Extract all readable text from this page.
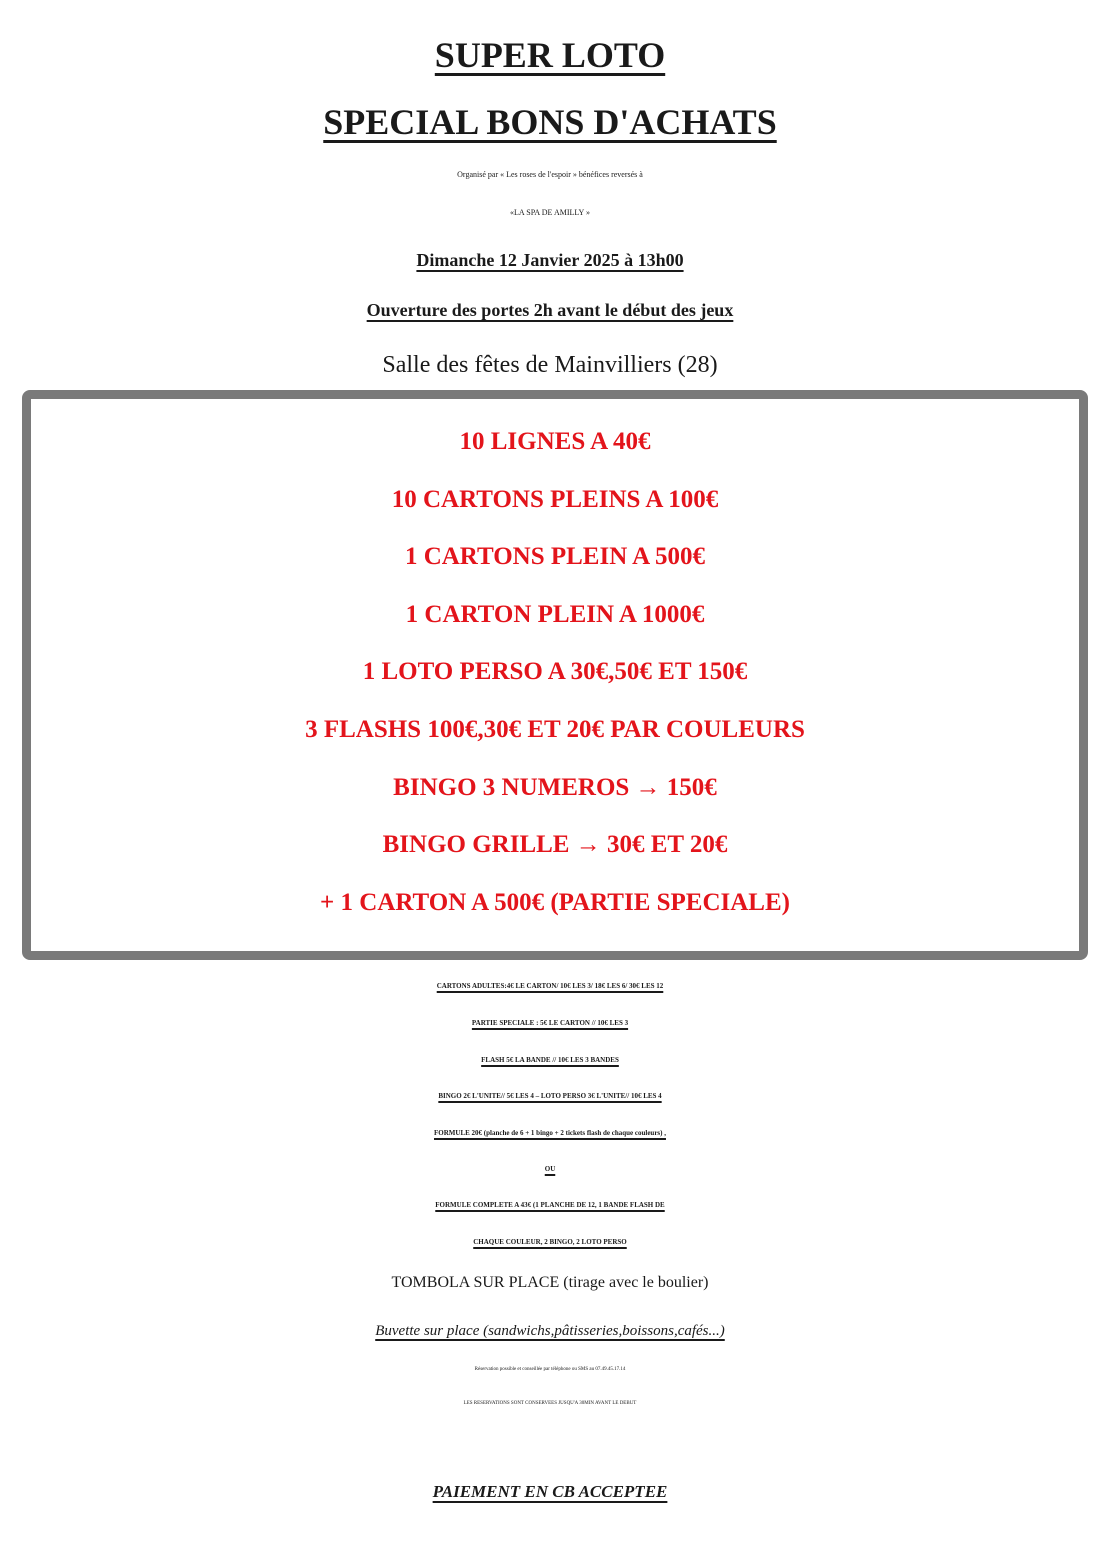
SUPER LOTO
SPECIAL BONS D'ACHATS

Organisé par « Les roses de l'espoir » bénéfices reversés à

«LA SPA DE AMILLY »

Dimanche 12 Janvier 2025 à 13h00

Ouverture des portes 2h avant le début des jeux

Salle des fêtes de Mainvilliers (28)

10 LIGNES A 40€
10 CARTONS PLEINS A 100€
1 CARTONS PLEIN A 500€
1 CARTON PLEIN A 1000€
1 LOTO PERSO A 30€,50€ ET 150€
3 FLASHS 100€,30€ ET 20€ PAR COULEURS
BINGO 3 NUMEROS → 150€
BINGO GRILLE → 30€ ET 20€
+ 1 CARTON A 500€ (PARTIE SPECIALE)

CARTONS ADULTES:4€ LE CARTON/ 10€ LES 3/ 18€ LES 6/ 30€ LES 12

PARTIE SPECIALE : 5€ LE CARTON // 10€ LES 3

FLASH 5€ LA BANDE // 10€ LES 3 BANDES

BINGO 2€ L'UNITE// 5€ LES 4 – LOTO PERSO 3€ L'UNITE// 10€ LES 4

FORMULE 20€ (planche de 6 + 1 bingo + 2 tickets flash de chaque couleurs) ,

OU

FORMULE COMPLETE A 43€ (1 PLANCHE DE 12, 1 BANDE FLASH DE

CHAQUE COULEUR, 2 BINGO, 2 LOTO PERSO

TOMBOLA SUR PLACE (tirage avec le boulier)

Buvette sur place (sandwichs,pâtisseries,boissons,cafés...)

Réservation possible et conseillée par téléphone ou SMS au 07.49.45.17.14

LES RESERVATIONS SONT CONSERVEES JUSQU'A 30MIN AVANT LE DEBUT

PAIEMENT EN CB ACCEPTEE
